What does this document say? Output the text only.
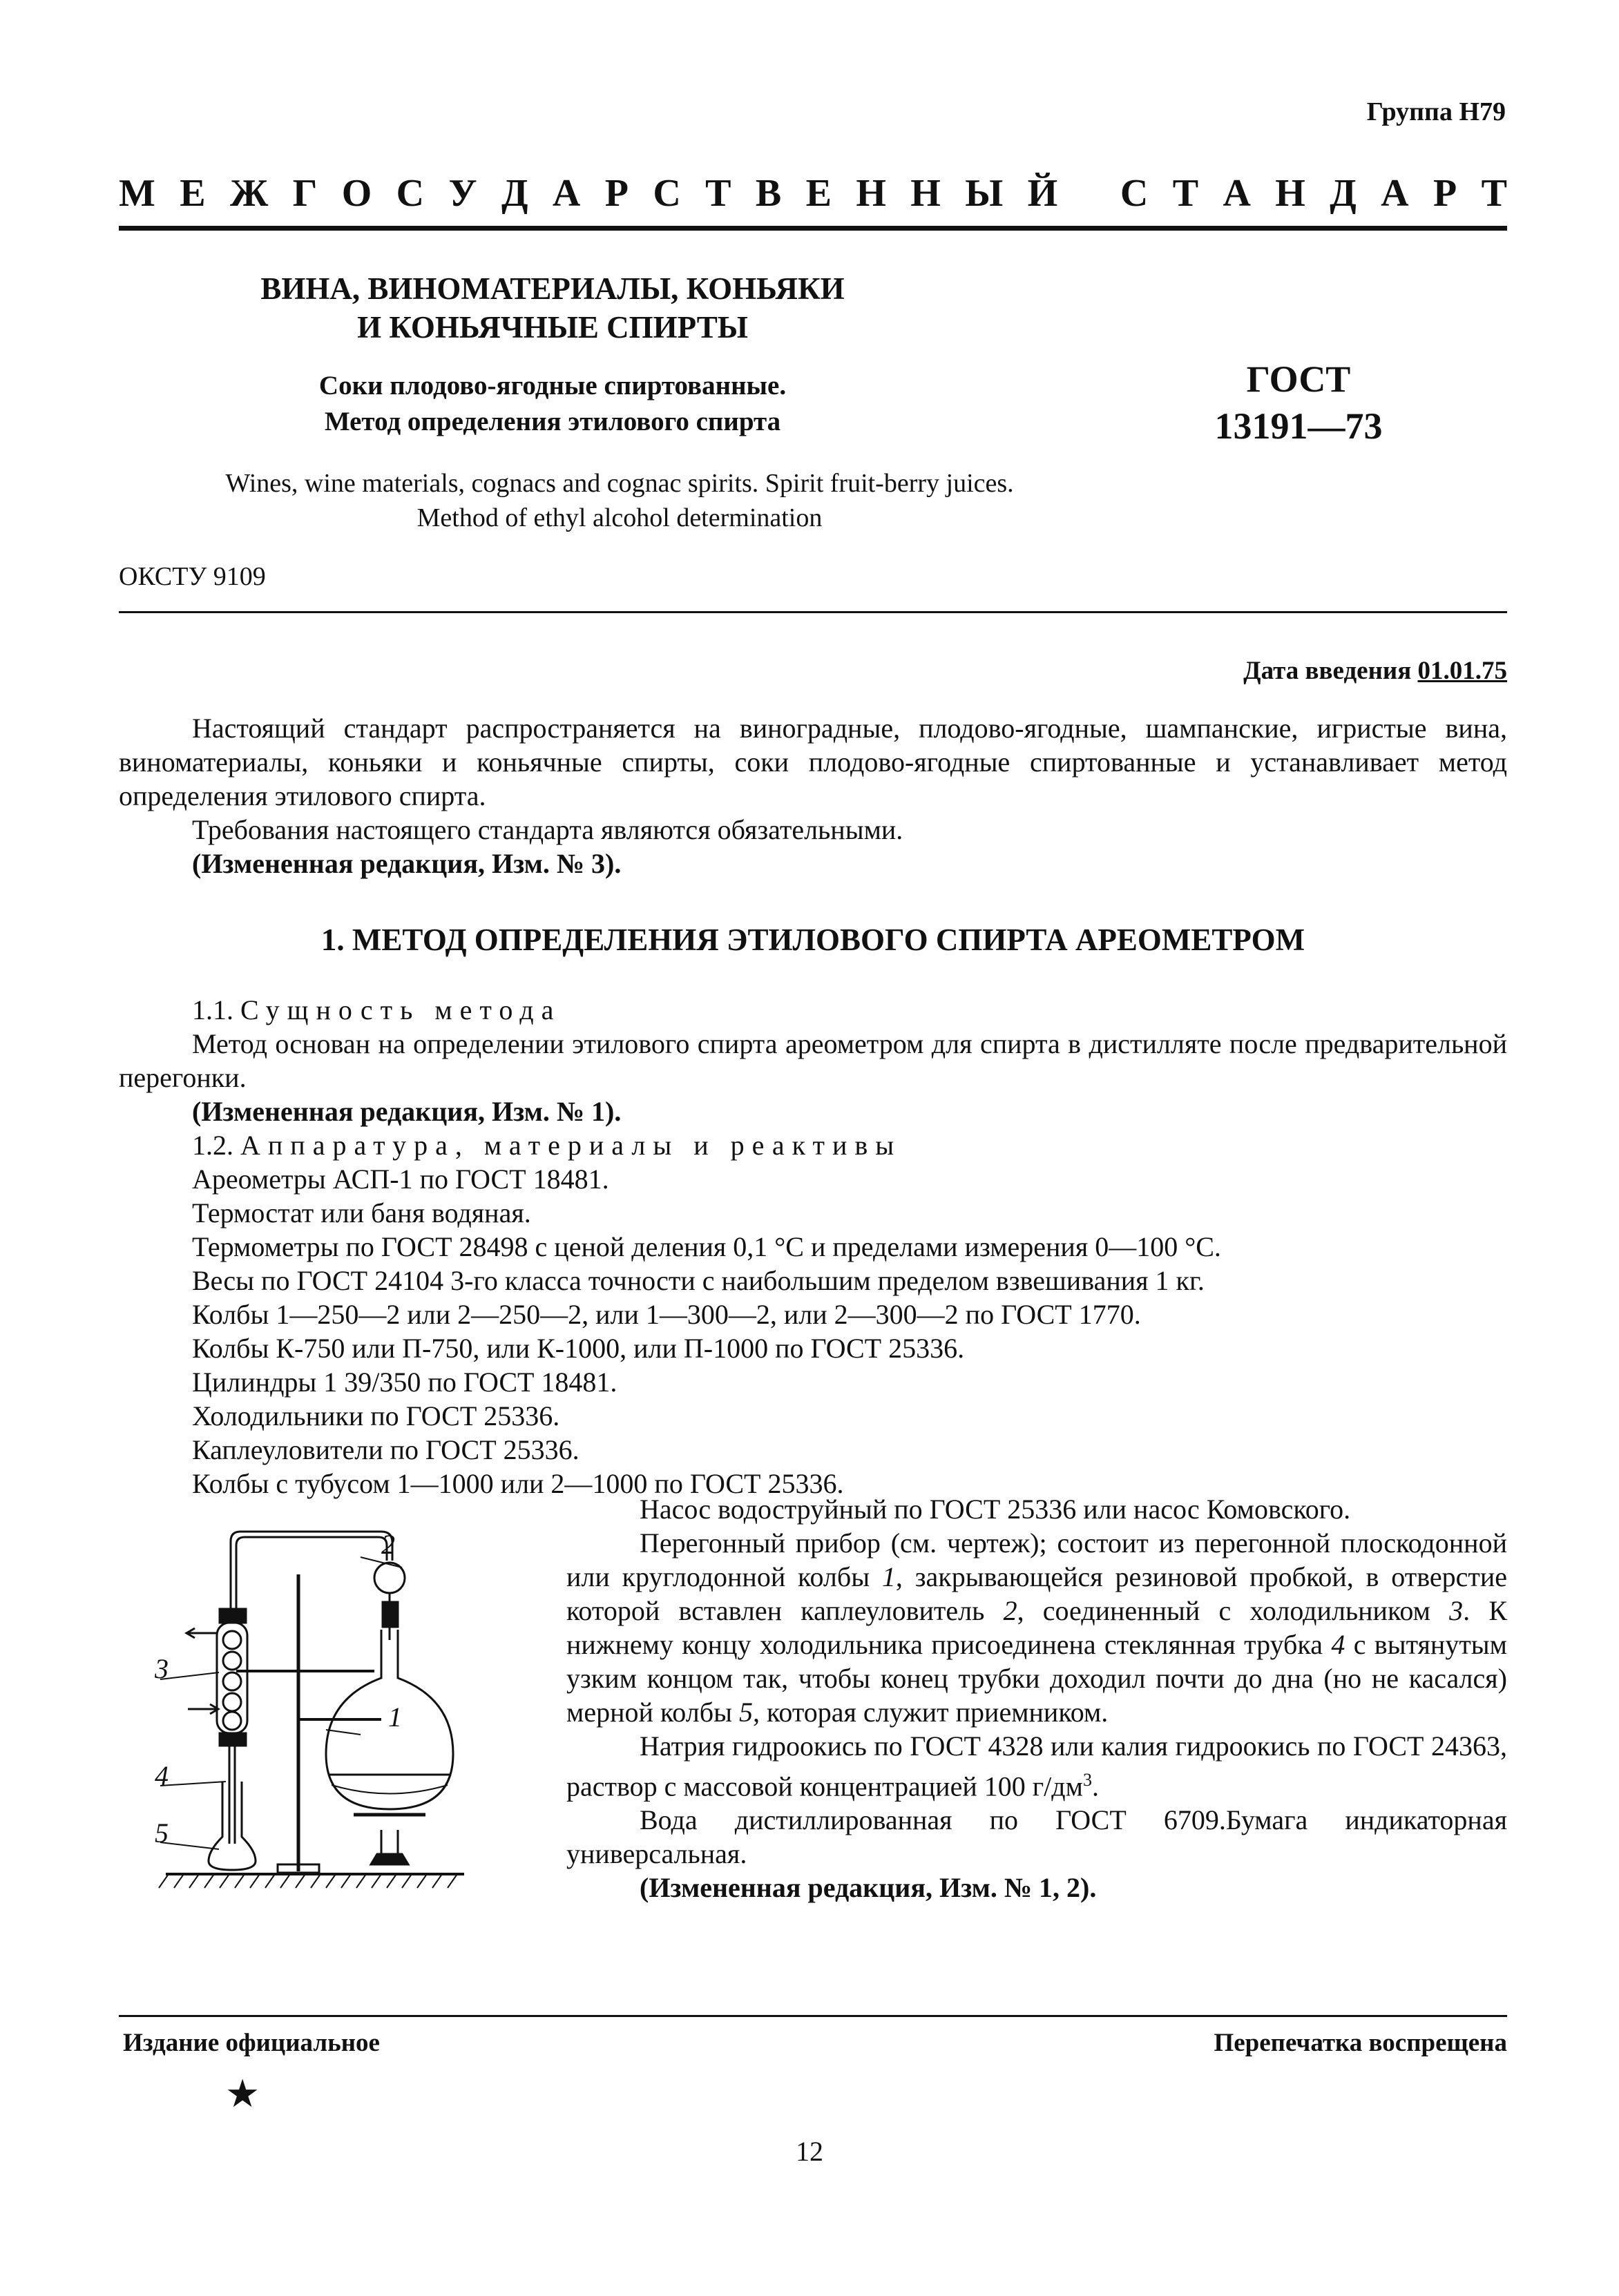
Группа Н79
М Е Ж Г О С У Д А Р С Т В Е Н Н Ы Й С Т А Н Д А Р Т
ВИНА, ВИНОМАТЕРИАЛЫ, КОНЬЯКИ
И КОНЬЯЧНЫЕ СПИРТЫ
Соки плодово-ягодные спиртованные.
Метод определения этилового спирта
ГОСТ
13191—73
Wines, wine materials, cognacs and cognac spirits. Spirit fruit-berry juices.
Method of ethyl alcohol determination
ОКСТУ 9109
Дата введения 01.01.75

Настоящий стандарт распространяется на виноградные, плодово-ягодные, шампанские, игристые вина, виноматериалы, коньяки и коньячные спирты, соки плодово-ягодные спиртованные и устанавливает метод определения этилового спирта.

Требования настоящего стандарта являются обязательными.

(Измененная редакция, Изм. № 3).

1. МЕТОД ОПРЕДЕЛЕНИЯ ЭТИЛОВОГО СПИРТА АРЕОМЕТРОМ

1.1. Сущность метода

Метод основан на определении этилового спирта ареометром для спирта в дистилляте после предварительной перегонки.

(Измененная редакция, Изм. № 1).

1.2. Аппаратура, материалы и реактивы

Ареометры АСП-1 по ГОСТ 18481.

Термостат или баня водяная.

Термометры по ГОСТ 28498 с ценой деления 0,1 °С и пределами измерения 0—100 °С.

Весы по ГОСТ 24104 3-го класса точности с наибольшим пределом взвешивания 1 кг.

Колбы 1—250—2 или 2—250—2, или 1—300—2, или 2—300—2 по ГОСТ 1770.

Колбы К-750 или П-750, или К-1000, или П-1000 по ГОСТ 25336.

Цилиндры 1 39/350 по ГОСТ 18481.

Холодильники по ГОСТ 25336.

Каплеуловители по ГОСТ 25336.

Колбы с тубусом 1—1000 или 2—1000 по ГОСТ 25336.

Насос водоструйный по ГОСТ 25336 или насос Комовского.

Перегонный прибор (см. чертеж); состоит из перегонной плоскодонной или круглодонной колбы 1, закрывающейся резиновой пробкой, в отверстие которой вставлен каплеуловитель 2, соединенный с холодильником 3. К нижнему концу холодильника присоединена стеклянная трубка 4 с вытянутым узким концом так, чтобы конец трубки доходил почти до дна (но не касался) мерной колбы 5, которая служит приемником.

Натрия гидроокись по ГОСТ 4328 или калия гидроокись по ГОСТ 24363, раствор с массовой концентрацией 100 $г/дм^3$.

Вода дистиллированная по ГОСТ 6709.Бумага индикаторная универсальная.

(Измененная редакция, Изм. № 1, 2).

2
1
3
4
5
Издание официальное	Перепечатка воспрещена
★
12
